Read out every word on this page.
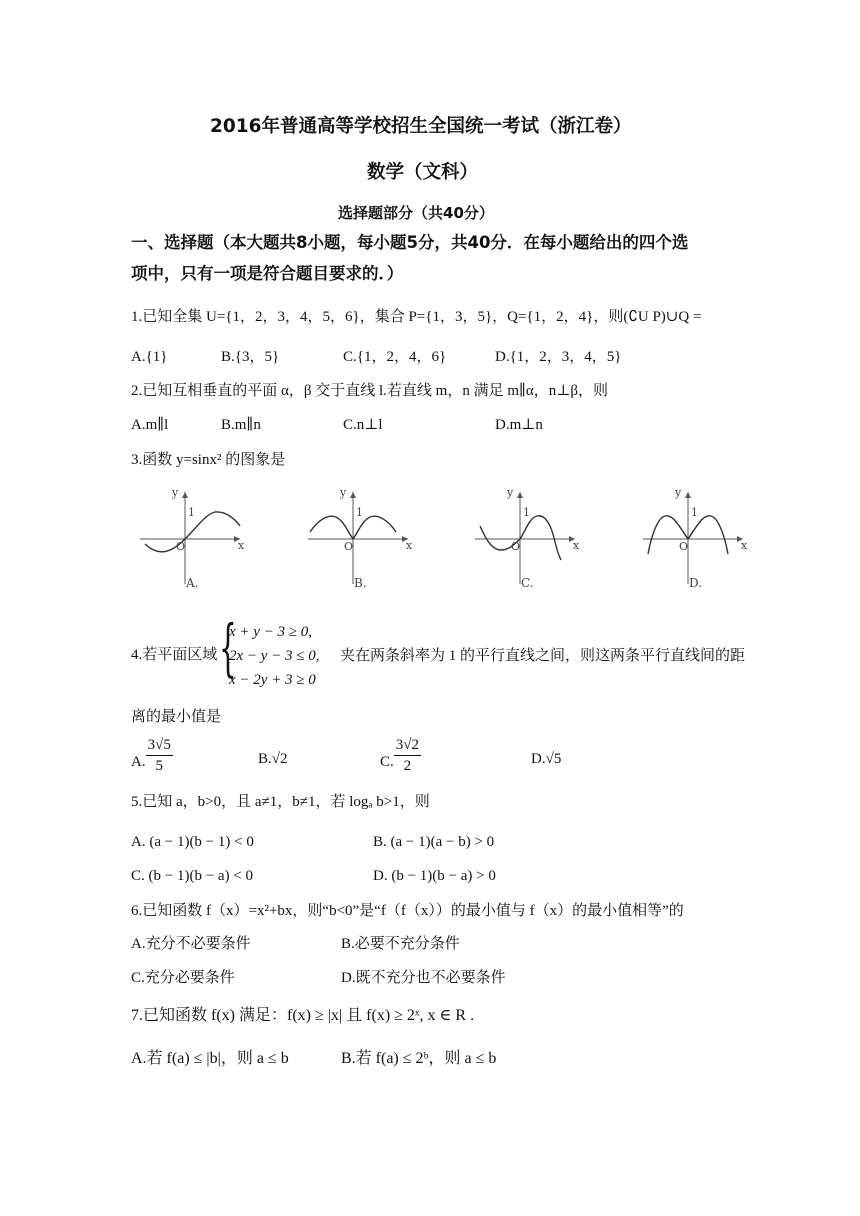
2016年普通高等学校招生全国统一考试（浙江卷）
数学（文科）
选择题部分（共40分）
一、选择题（本大题共8小题，每小题5分，共40分．在每小题给出的四个选
项中，只有一项是符合题目要求的．）
1.已知全集 U={1，2，3，4，5，6}，集合 P={1，3，5}，Q={1，2，4}，则(∁U P)∪Q =
A.{1}	B.{3，5}	C.{1，2，4，6}	D.{1，2，3，4，5}
2.已知互相垂直的平面 α，β 交于直线 l.若直线 m，n 满足 m∥α，n⊥β，则
A.m∥l	B.m∥n	C.n⊥l	D.m⊥n
3.函数 y=sinx² 的图象是
y
x
1
O
A.
y
x
1
O
B.
y
x
1
O
C.
y
x
1
O
D.
4.若平面区域 {
x + y − 3 ≥ 0,
2x − y − 3 ≤ 0,
x − 2y + 3 ≥ 0
夹在两条斜率为 1 的平行直线之间，则这两条平行直线间的距
离的最小值是
A. $\frac{3√5}{5}$	B.√2	C. $\frac{3√2}{2}$	D.√5
5.已知 a，b>0，且 a≠1，b≠1，若 logₐ b>1，则
A. (a − 1)(b − 1) < 0	B. (a − 1)(a − b) > 0
C. (b − 1)(b − a) < 0	D. (b − 1)(b − a) > 0
6.已知函数 f（x）=x²+bx，则“b<0”是“f（f（x））的最小值与 f（x）的最小值相等”的
A.充分不必要条件	B.必要不充分条件
C.充分必要条件	D.既不充分也不必要条件
7.已知函数 f(x) 满足：f(x) ≥ |x| 且 f(x) ≥ 2ˣ, x ∈ R .
A.若 f(a) ≤ |b|，则 a ≤ b	B.若 f(a) ≤ 2ᵇ，则 a ≤ b
